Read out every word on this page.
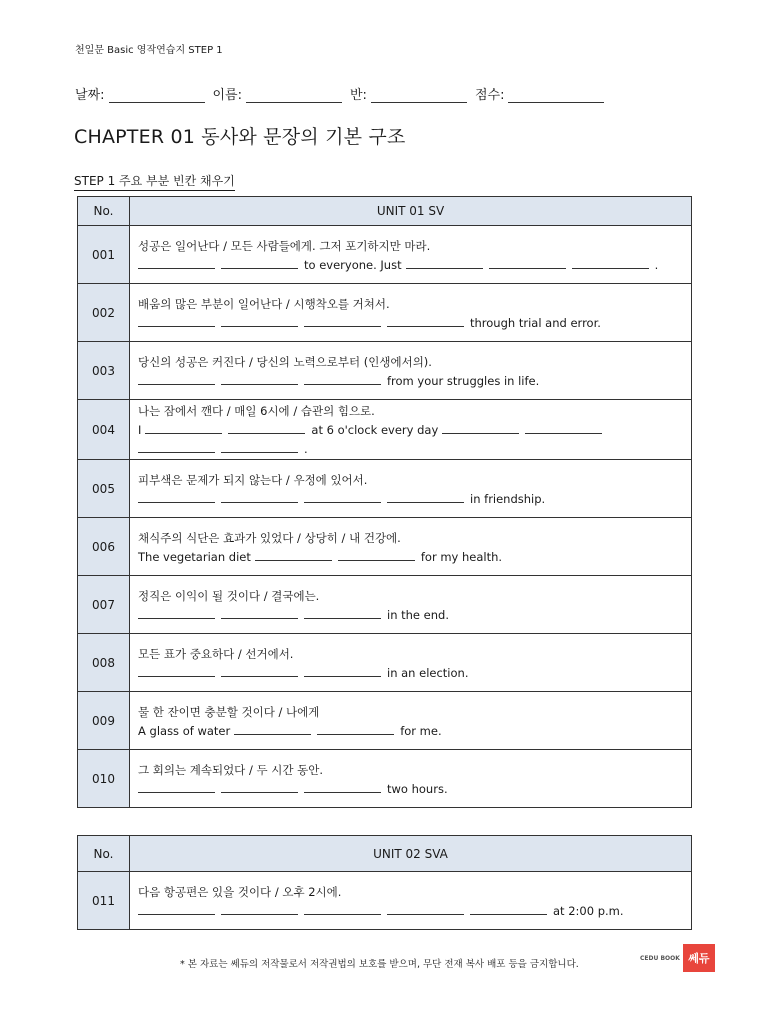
천일문 Basic 영작연습지 STEP 1
날짜:	이름:	반:	점수:
CHAPTER 01 동사와 문장의 기본 구조
STEP 1 주요 부분 빈칸 채우기
No.	UNIT 01 SV
001	성공은 일어난다 / 모든 사람들에게. 그저 포기하지만 마라.
to everyone. Just .

002	배움의 많은 부분이 일어난다 / 시행착오를 거쳐서.
through trial and error.

003	당신의 성공은 커진다 / 당신의 노력으로부터 (인생에서의).
from your struggles in life.

004	나는 잠에서 깬다 / 매일 6시에 / 습관의 힘으로.
I at 6 o'clock every day
.

005	피부색은 문제가 되지 않는다 / 우정에 있어서.
in friendship.

006	채식주의 식단은 효과가 있었다 / 상당히 / 내 건강에.
The vegetarian diet for my health.

007	정직은 이익이 될 것이다 / 결국에는.
in the end.

008	모든 표가 중요하다 / 선거에서.
in an election.

009	물 한 잔이면 충분할 것이다 / 나에게
A glass of water for me.

010	그 회의는 계속되었다 / 두 시간 동안.
two hours.
No.	UNIT 02 SVA
011	다음 항공편은 있을 것이다 / 오후 2시에.
at 2:00 p.m.
* 본 자료는 쎄듀의 저작물로서 저작권법의 보호를 받으며, 무단 전재 복사 배포 등을 금지합니다.
CEDU BOOK 쎄듀
